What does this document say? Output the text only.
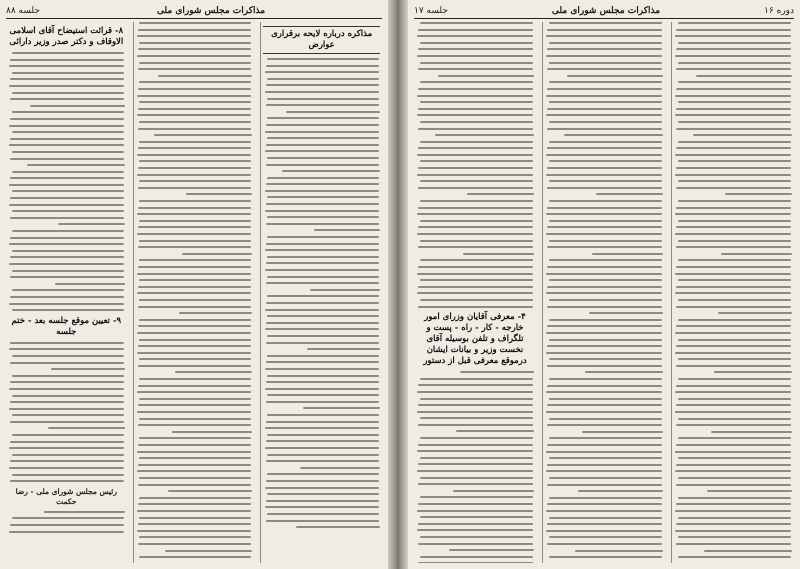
مذاکرات مجلس شورای ملی
جلسه ۸۸
مذاکره درباره لایحه برقراری عوارض
۸- قرائت استیضاح آقای اسلامی الاوقاف و دکتر صدر وزیر دارائی
۹- تعیین موقع جلسه بعد - ختم جلسه
رئیس مجلس شورای ملی - رضا حکمت
دوره ۱۶
مذاکرات مجلس شورای ملی
جلسه ۱۷
۴- معرفی آقایان وزرای امور خارجه - کار - راه - پست و تلگراف و تلفن بوسیله آقای نخست وزیر و بیانات ایشان درموقع معرفی قبل از دستور
